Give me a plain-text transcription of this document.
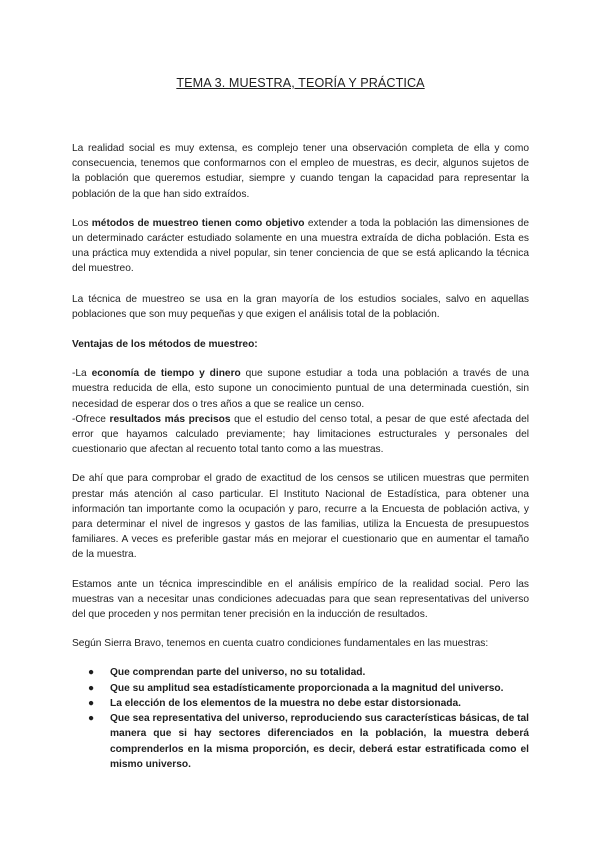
TEMA 3. MUESTRA, TEORÍA Y PRÁCTICA

La realidad social es muy extensa, es complejo tener una observación completa de ella y como consecuencia, tenemos que conformarnos con el empleo de muestras, es decir, algunos sujetos de la población que queremos estudiar, siempre y cuando tengan la capacidad para representar la población de la que han sido extraídos.

Los métodos de muestreo tienen como objetivo extender a toda la población las dimensiones de un determinado carácter estudiado solamente en una muestra extraída de dicha población. Esta es una práctica muy extendida a nivel popular, sin tener conciencia de que se está aplicando la técnica del muestreo.

La técnica de muestreo se usa en la gran mayoría de los estudios sociales, salvo en aquellas poblaciones que son muy pequeñas y que exigen el análisis total de la población.

Ventajas de los métodos de muestreo:

-La economía de tiempo y dinero que supone estudiar a toda una población a través de una muestra reducida de ella, esto supone un conocimiento puntual de una determinada cuestión, sin necesidad de esperar dos o tres años a que se realice un censo.

-Ofrece resultados más precisos que el estudio del censo total, a pesar de que esté afectada del error que hayamos calculado previamente; hay limitaciones estructurales y personales del cuestionario que afectan al recuento total tanto como a las muestras.

De ahí que para comprobar el grado de exactitud de los censos se utilicen muestras que permiten prestar más atención al caso particular. El Instituto Nacional de Estadística, para obtener una información tan importante como la ocupación y paro, recurre a la Encuesta de población activa, y para determinar el nivel de ingresos y gastos de las familias, utiliza la Encuesta de presupuestos familiares. A veces es preferible gastar más en mejorar el cuestionario que en aumentar el tamaño de la muestra.

Estamos ante un técnica imprescindible en el análisis empírico de la realidad social. Pero las muestras van a necesitar unas condiciones adecuadas para que sean representativas del universo del que proceden y nos permitan tener precisión en la inducción de resultados.

Según Sierra Bravo, tenemos en cuenta cuatro condiciones fundamentales en las muestras:

● Que comprendan parte del universo, no su totalidad.
● Que su amplitud sea estadísticamente proporcionada a la magnitud del universo.
● La elección de los elementos de la muestra no debe estar distorsionada.
● Que sea representativa del universo, reproduciendo sus características básicas, de tal manera que si hay sectores diferenciados en la población, la muestra deberá comprenderlos en la misma proporción, es decir, deberá estar estratificada como el mismo universo.
